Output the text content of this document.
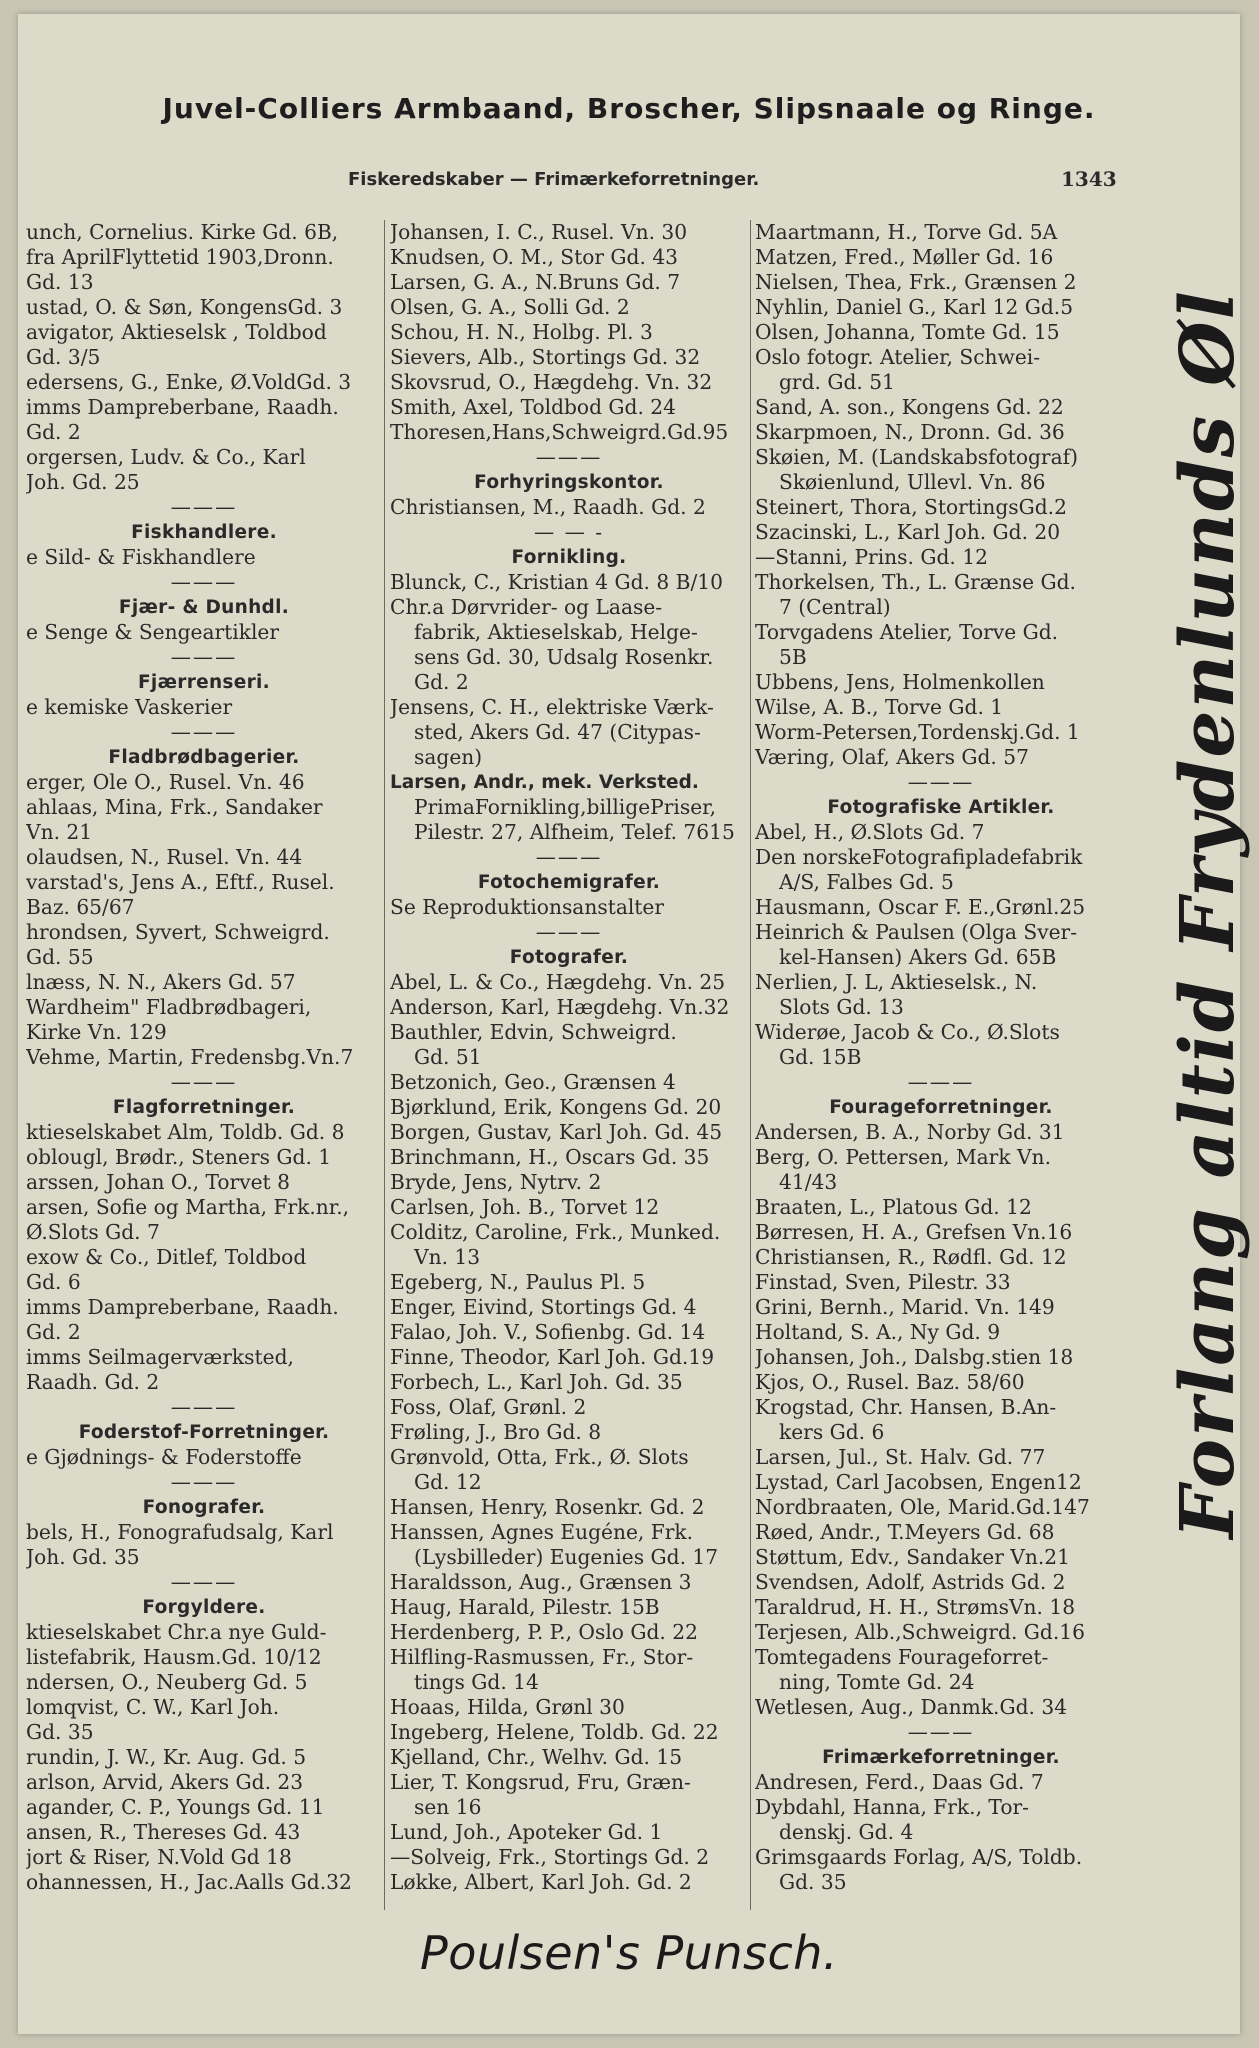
Juvel-Colliers Armbaand, Broscher, Slipsnaale og Ringe.
Fiskeredskaber — Frimærkeforretninger.	1343
unch, Cornelius. Kirke Gd. 6B,
fra AprilFlyttetid 1903,Dronn.
Gd. 13
ustad, O. & Søn, KongensGd. 3
avigator, Aktieselsk , Toldbod
Gd. 3/5
edersens, G., Enke, Ø.VoldGd. 3
imms Dampreberbane, Raadh.
Gd. 2
orgersen, Ludv. & Co., Karl
Joh. Gd. 25
———
Fiskhandlere.
e Sild- & Fiskhandlere
———
Fjær- & Dunhdl.
e Senge & Sengeartikler
———
Fjærrenseri.
e kemiske Vaskerier
———
Fladbrødbagerier.
erger, Ole O., Rusel. Vn. 46
ahlaas, Mina, Frk., Sandaker
Vn. 21
olaudsen, N., Rusel. Vn. 44
varstad's, Jens A., Eftf., Rusel.
Baz. 65/67
hrondsen, Syvert, Schweigrd.
Gd. 55
lnæss, N. N., Akers Gd. 57
Wardheim" Fladbrødbageri,
Kirke Vn. 129
Vehme, Martin, Fredensbg.Vn.7
———
Flagforretninger.
ktieselskabet Alm, Toldb. Gd. 8
oblougl, Brødr., Steners Gd. 1
arssen, Johan O., Torvet 8
arsen, Sofie og Martha, Frk.nr.,
Ø.Slots Gd. 7
exow & Co., Ditlef, Toldbod
Gd. 6
imms Dampreberbane, Raadh.
Gd. 2
imms Seilmagerværksted,
Raadh. Gd. 2
———
Foderstof-Forretninger.
e Gjødnings- & Foderstoffe
———
Fonografer.
bels, H., Fonografudsalg, Karl
Joh. Gd. 35
———
Forgyldere.
ktieselskabet Chr.a nye Guld-
listefabrik, Hausm.Gd. 10/12
ndersen, O., Neuberg Gd. 5
lomqvist, C. W., Karl Joh.
Gd. 35
rundin, J. W., Kr. Aug. Gd. 5
arlson, Arvid, Akers Gd. 23
agander, C. P., Youngs Gd. 11
ansen, R., Thereses Gd. 43
jort & Riser, N.Vold Gd 18
ohannessen, H., Jac.Aalls Gd.32
Johansen, I. C., Rusel. Vn. 30
Knudsen, O. M., Stor Gd. 43
Larsen, G. A., N.Bruns Gd. 7
Olsen, G. A., Solli Gd. 2
Schou, H. N., Holbg. Pl. 3
Sievers, Alb., Stortings Gd. 32
Skovsrud, O., Hægdehg. Vn. 32
Smith, Axel, Toldbod Gd. 24
Thoresen,Hans,Schweigrd.Gd.95
———
Forhyringskontor.
Christiansen, M., Raadh. Gd. 2
— — -
Fornikling.
Blunck, C., Kristian 4 Gd. 8 B/10
Chr.a Dørvrider- og Laase-
fabrik, Aktieselskab, Helge-
sens Gd. 30, Udsalg Rosenkr.
Gd. 2
Jensens, C. H., elektriske Værk-
sted, Akers Gd. 47 (Citypas-
sagen)
Larsen, Andr., mek. Verksted.
PrimaFornikling,billigePriser,
Pilestr. 27, Alfheim, Telef. 7615
———
Fotochemigrafer.
Se Reproduktionsanstalter
———
Fotografer.
Abel, L. & Co., Hægdehg. Vn. 25
Anderson, Karl, Hægdehg. Vn.32
Bauthler, Edvin, Schweigrd.
Gd. 51
Betzonich, Geo., Grænsen 4
Bjørklund, Erik, Kongens Gd. 20
Borgen, Gustav, Karl Joh. Gd. 45
Brinchmann, H., Oscars Gd. 35
Bryde, Jens, Nytrv. 2
Carlsen, Joh. B., Torvet 12
Colditz, Caroline, Frk., Munked.
Vn. 13
Egeberg, N., Paulus Pl. 5
Enger, Eivind, Stortings Gd. 4
Falao, Joh. V., Sofienbg. Gd. 14
Finne, Theodor, Karl Joh. Gd.19
Forbech, L., Karl Joh. Gd. 35
Foss, Olaf, Grønl. 2
Frøling, J., Bro Gd. 8
Grønvold, Otta, Frk., Ø. Slots
Gd. 12
Hansen, Henry, Rosenkr. Gd. 2
Hanssen, Agnes Eugéne, Frk.
(Lysbilleder) Eugenies Gd. 17
Haraldsson, Aug., Grænsen 3
Haug, Harald, Pilestr. 15B
Herdenberg, P. P., Oslo Gd. 22
Hilfling-Rasmussen, Fr., Stor-
tings Gd. 14
Hoaas, Hilda, Grønl 30
Ingeberg, Helene, Toldb. Gd. 22
Kjelland, Chr., Welhv. Gd. 15
Lier, T. Kongsrud, Fru, Græn-
sen 16
Lund, Joh., Apoteker Gd. 1
—Solveig, Frk., Stortings Gd. 2
Løkke, Albert, Karl Joh. Gd. 2
Maartmann, H., Torve Gd. 5A
Matzen, Fred., Møller Gd. 16
Nielsen, Thea, Frk., Grænsen 2
Nyhlin, Daniel G., Karl 12 Gd.5
Olsen, Johanna, Tomte Gd. 15
Oslo fotogr. Atelier, Schwei-
grd. Gd. 51
Sand, A. son., Kongens Gd. 22
Skarpmoen, N., Dronn. Gd. 36
Skøien, M. (Landskabsfotograf)
Skøienlund, Ullevl. Vn. 86
Steinert, Thora, StortingsGd.2
Szacinski, L., Karl Joh. Gd. 20
—Stanni, Prins. Gd. 12
Thorkelsen, Th., L. Grænse Gd.
7 (Central)
Torvgadens Atelier, Torve Gd.
5B
Ubbens, Jens, Holmenkollen
Wilse, A. B., Torve Gd. 1
Worm-Petersen,Tordenskj.Gd. 1
Væring, Olaf, Akers Gd. 57
———
Fotografiske Artikler.
Abel, H., Ø.Slots Gd. 7
Den norskeFotografipladefabrik
A/S, Falbes Gd. 5
Hausmann, Oscar F. E.,Grønl.25
Heinrich & Paulsen (Olga Sver-
kel-Hansen) Akers Gd. 65B
Nerlien, J. L, Aktieselsk., N.
Slots Gd. 13
Widerøe, Jacob & Co., Ø.Slots
Gd. 15B
———
Fourageforretninger.
Andersen, B. A., Norby Gd. 31
Berg, O. Pettersen, Mark Vn.
41/43
Braaten, L., Platous Gd. 12
Børresen, H. A., Grefsen Vn.16
Christiansen, R., Rødfl. Gd. 12
Finstad, Sven, Pilestr. 33
Grini, Bernh., Marid. Vn. 149
Holtand, S. A., Ny Gd. 9
Johansen, Joh., Dalsbg.stien 18
Kjos, O., Rusel. Baz. 58/60
Krogstad, Chr. Hansen, B.An-
kers Gd. 6
Larsen, Jul., St. Halv. Gd. 77
Lystad, Carl Jacobsen, Engen12
Nordbraaten, Ole, Marid.Gd.147
Røed, Andr., T.Meyers Gd. 68
Støttum, Edv., Sandaker Vn.21
Svendsen, Adolf, Astrids Gd. 2
Taraldrud, H. H., StrømsVn. 18
Terjesen, Alb.,Schweigrd. Gd.16
Tomtegadens Fourageforret-
ning, Tomte Gd. 24
Wetlesen, Aug., Danmk.Gd. 34
———
Frimærkeforretninger.
Andresen, Ferd., Daas Gd. 7
Dybdahl, Hanna, Frk., Tor-
denskj. Gd. 4
Grimsgaards Forlag, A/S, Toldb.
Gd. 35
Forlang altid Frydenlunds Øl
Poulsen's Punsch.
